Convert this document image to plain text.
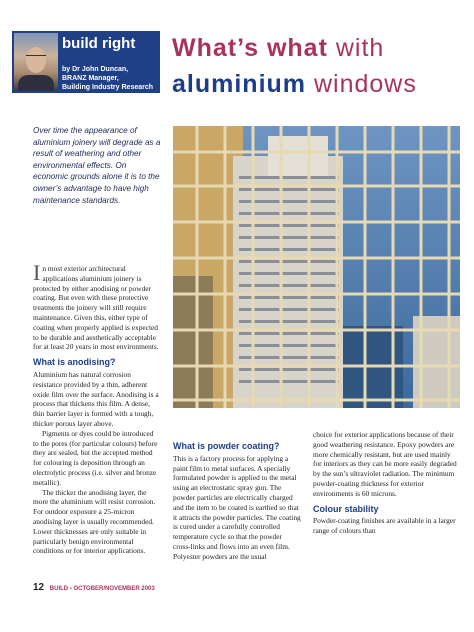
build right
by Dr John Duncan,
BRANZ Manager,
Building Industry Research
What’s what with
aluminium windows
Over time the appearance of aluminium joinery will degrade as a result of weathering and other environmental effects. On economic grounds alone it is to the owner’s advantage to have high maintenance standards.

In most exterior architectural applications aluminium joinery is protected by either anodising or powder coating. But even with these protective treatments the joinery will still require maintenance. Given this, either type of coating when properly applied is expected to be durable and aesthetically acceptable for at least 20 years in most environments.

What is anodising?

Aluminium has natural corrosion resistance provided by a thin, adherent oxide film over the surface. Anodising is a process that thickens this film. A dense, thin barrier layer is formed with a tough, thicker porous layer above.

Pigments or dyes could be introduced to the pores (for particular colours) before they are sealed, but the accepted method for colouring is deposition through an electrolytic process (i.e. silver and bronze metallic).

The thicker the anodising layer, the more the aluminium will resist corrosion. For outdoor exposure a 25-micron anodising layer is usually recommended. Lower thicknesses are only suitable in particularly benign environmental conditions or for interior applications.

What is powder coating?

This is a factory process for applying a paint film to metal surfaces. A specially formulated powder is applied to the metal using an electrostatic spray gun. The powder particles are electrically charged and the item to be coated is earthed so that it attracts the powder particles. The coating is cured under a carefully controlled temperature cycle so that the powder cross-links and flows into an even film. Polyester powders are the usual

choice for exterior applications because of their good weathering resistance. Epoxy powders are more chemically resistant, but are used mainly for interiors as they can be more easily degraded by the sun’s ultraviolet radiation. The minimum powder-coating thickness for exterior environments is 60 microns.

Colour stability

Powder-coating finishes are available in a larger range of colours than

12 BUILD › OCTOBER/NOVEMBER 2003
